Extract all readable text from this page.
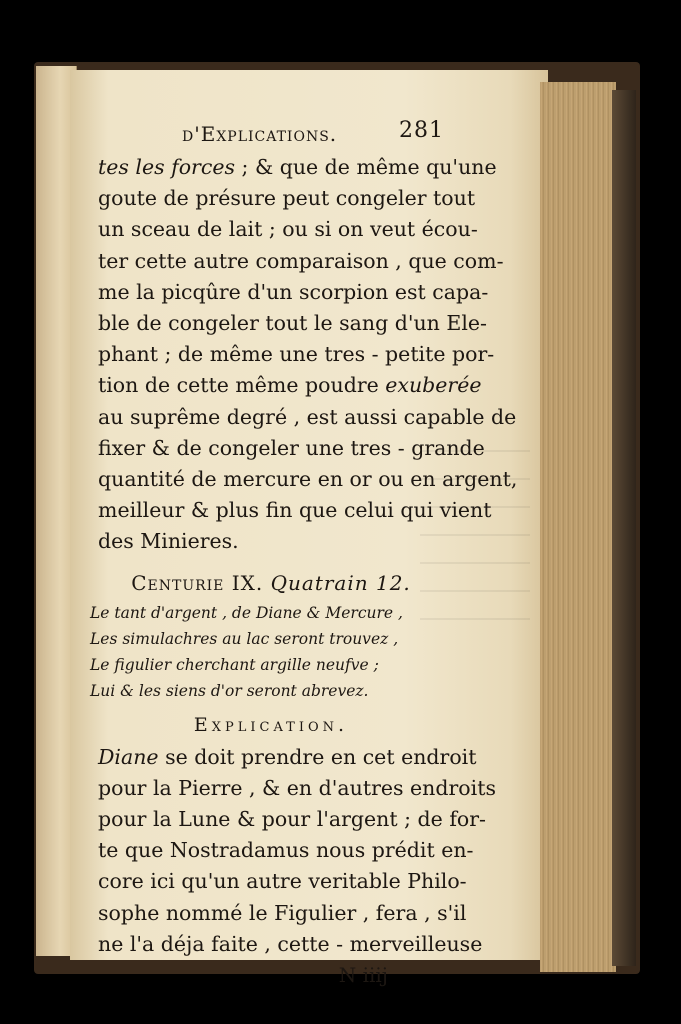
d'Explications.	281
tes les forces ; & que de même qu'une
goute de présure peut congeler tout
un sceau de lait ; ou si on veut écou-
ter cette autre comparaison , que com-
me la picqûre d'un scorpion est capa-
ble de congeler tout le sang d'un Ele-
phant ; de même une tres - petite por-
tion de cette même poudre exuberée
au suprême degré , est aussi capable de
fixer & de congeler une tres - grande
quantité de mercure en or ou en argent,
meilleur & plus fin que celui qui vient
des Minieres.
Centurie IX. Quatrain 12.
Le tant d'argent , de Diane & Mercure ,
Les simulachres au lac seront trouvez ,
Le figulier cherchant argille neufve ;
Lui & les siens d'or seront abrevez.
Explication.
Diane se doit prendre en cet endroit
pour la Pierre , & en d'autres endroits
pour la Lune & pour l'argent ; de for-
te que Nostradamus nous prédit en-
core ici qu'un autre veritable Philo-
sophe nommé le Figulier , fera , s'il
ne l'a déja faite , cette - merveilleuse
N iiij
